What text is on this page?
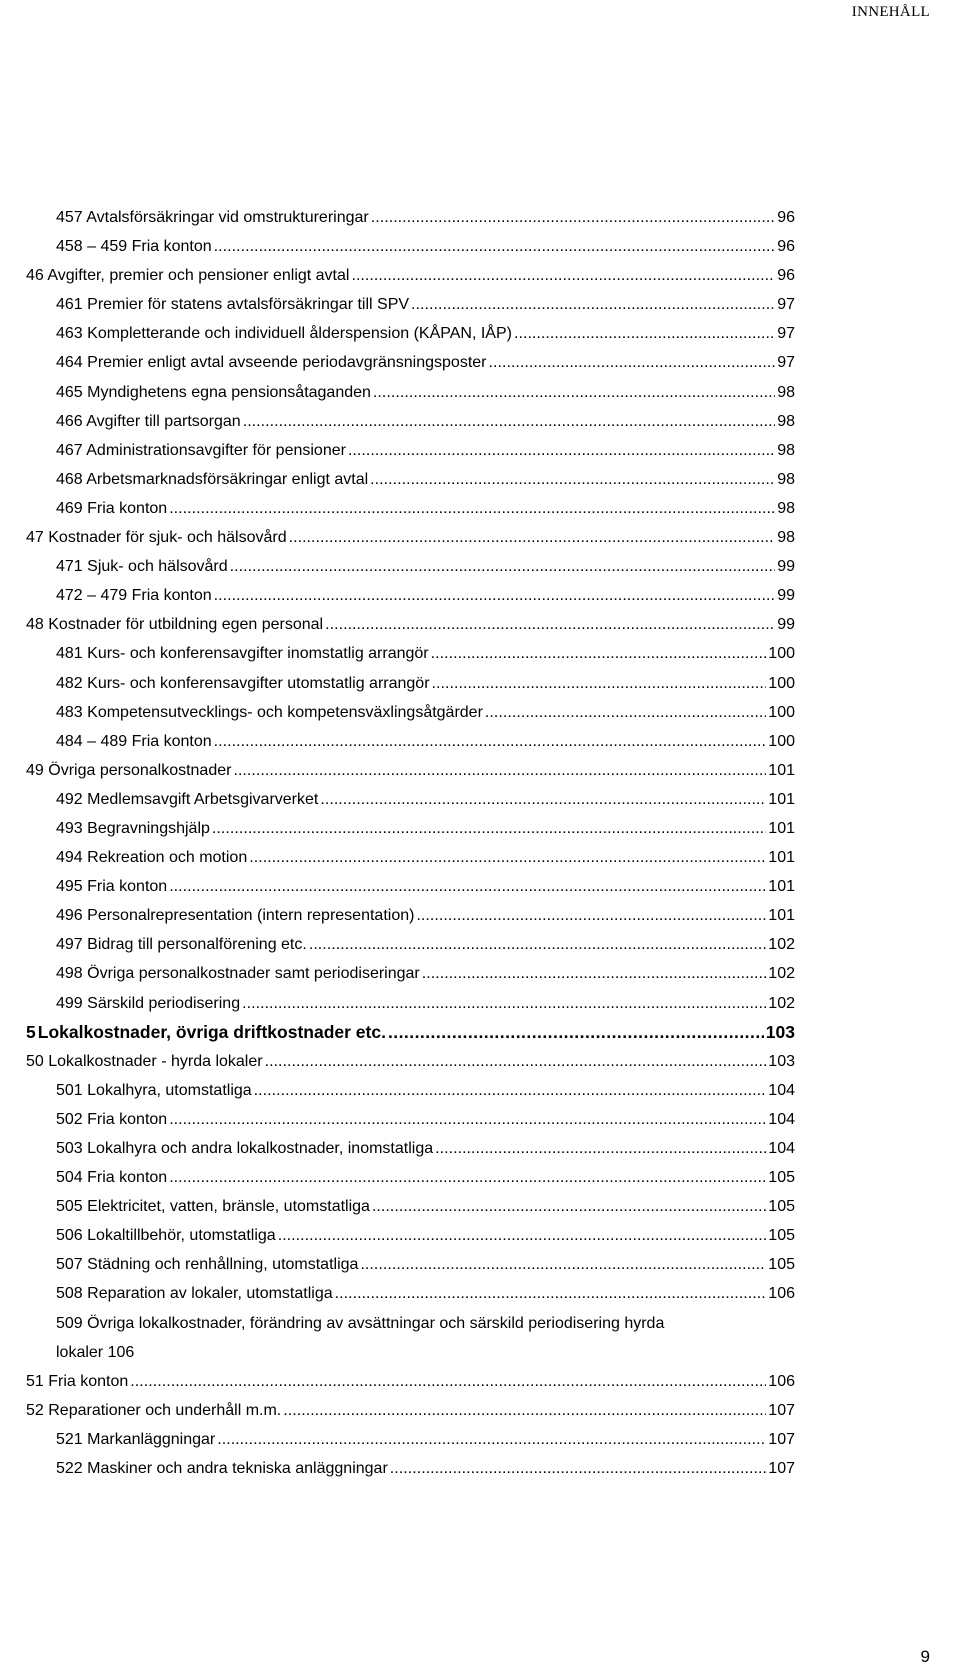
INNEHÅLL
457 Avtalsförsäkringar vid omstruktureringar . . .	96
458 – 459 Fria konton . . .	96
46 Avgifter, premier och pensioner enligt avtal . . .	96
461 Premier för statens avtalsförsäkringar till SPV . . .	97
463 Kompletterande och individuell ålderspension (KÅPAN, IÅP) . . .	97
464 Premier enligt avtal avseende periodavgränsningsposter . . .	97
465 Myndighetens egna pensionsåtaganden . . .	98
466 Avgifter till partsorgan . . .	98
467 Administrationsavgifter för pensioner . . .	98
468 Arbetsmarknadsförsäkringar enligt avtal . . .	98
469 Fria konton . . .	98
47 Kostnader för sjuk- och hälsovård . . .	98
471 Sjuk- och hälsovård . . .	99
472 – 479 Fria konton . . .	99
48 Kostnader för utbildning egen personal . . .	99
481 Kurs- och konferensavgifter inomstatlig arrangör . . .	100
482 Kurs- och konferensavgifter utomstatlig arrangör . . .	100
483 Kompetensutvecklings- och kompetensväxlingsåtgärder . . .	100
484 – 489 Fria konton . . .	100
49 Övriga personalkostnader . . .	101
492 Medlemsavgift Arbetsgivarverket . . .	101
493 Begravningshjälp . . .	101
494 Rekreation och motion . . .	101
495 Fria konton . . .	101
496 Personalrepresentation (intern representation) . . .	101
497 Bidrag till personalförening etc. . . .	102
498 Övriga personalkostnader samt periodiseringar . . .	102
499 Särskild periodisering . . .	102
5 Lokalkostnader, övriga driftkostnader etc. . . .	103
50 Lokalkostnader - hyrda lokaler . . .	103
501 Lokalhyra, utomstatliga . . .	104
502 Fria konton . . .	104
503 Lokalhyra och andra lokalkostnader, inomstatliga . . .	104
504 Fria konton . . .	105
505 Elektricitet, vatten, bränsle, utomstatliga . . .	105
506 Lokaltillbehör, utomstatliga . . .	105
507 Städning och renhållning, utomstatliga . . .	105
508 Reparation av lokaler, utomstatliga . . .	106
509 Övriga lokalkostnader, förändring av avsättningar och särskild periodisering hyrda
lokaler 106
51 Fria konton . . .	106
52 Reparationer och underhåll m.m. . . .	107
521 Markanläggningar . . .	107
522 Maskiner och andra tekniska anläggningar . . .	107
9
